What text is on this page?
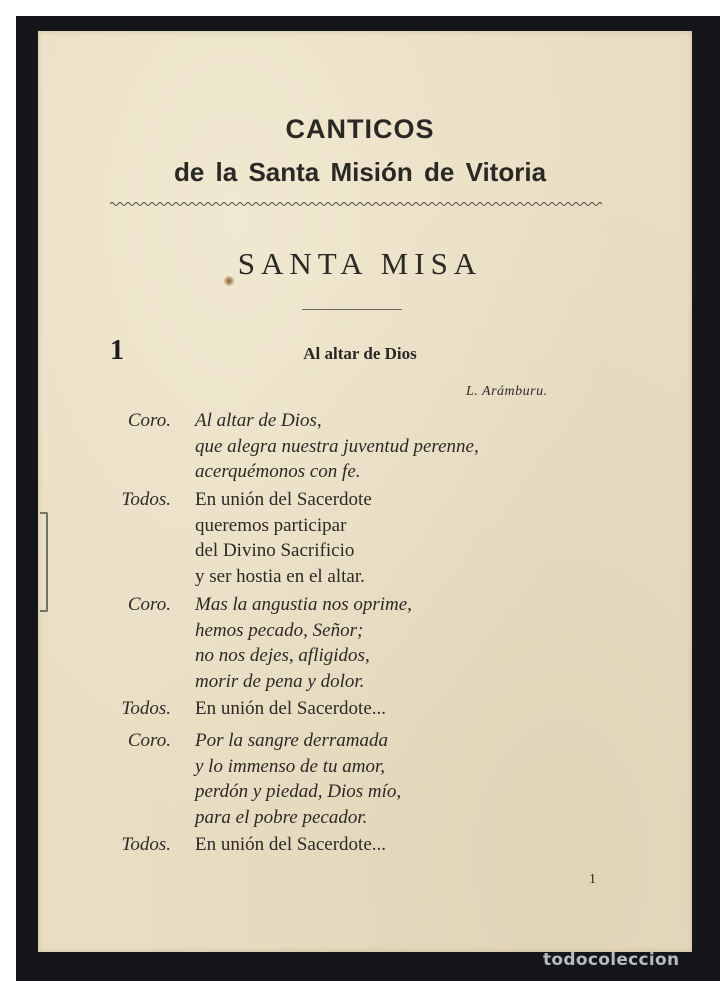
CANTICOS
de la Santa Misión de Vitoria
SANTA MISA
1	Al altar de Dios
L. Arámburu.
Coro. Al altar de Dios,
que alegra nuestra juventud perenne,
acerquémonos con fe.
Todos. En unión del Sacerdote
queremos participar
del Divino Sacrificio
y ser hostia en el altar.
Coro. Mas la angustia nos oprime,
hemos pecado, Señor;
no nos dejes, afligidos,
morir de pena y dolor.
Todos. En unión del Sacerdote...
Coro. Por la sangre derramada
y lo immenso de tu amor,
perdón y piedad, Dios mío,
para el pobre pecador.
Todos. En unión del Sacerdote...
1
todocoleccion
